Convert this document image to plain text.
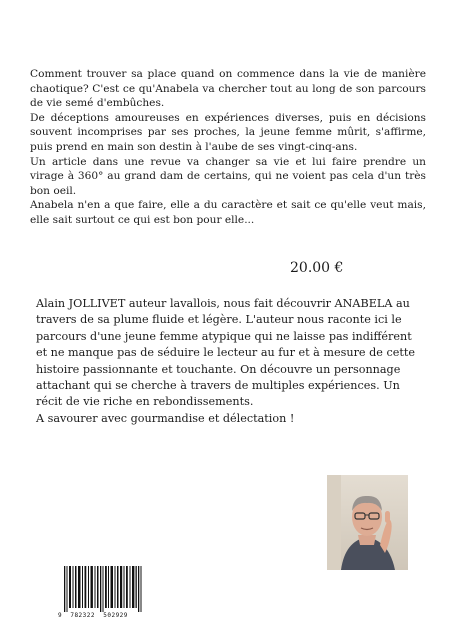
Comment trouver sa place quand on commence dans la vie de manière chaotique? C'est ce qu'Anabela va chercher tout au long de son parcours de vie semé d'embûches.

De déceptions amoureuses en expériences diverses, puis en décisions souvent incomprises par ses proches, la jeune femme mûrit, s'affirme, puis prend en main son destin à l'aube de ses vingt-cinq-ans.

Un article dans une revue va changer sa vie et lui faire prendre un virage à 360° au grand dam de certains, qui ne voient pas cela d'un très bon oeil.

Anabela n'en a que faire, elle a du caractère et sait ce qu'elle veut mais, elle sait surtout ce qui est bon pour elle...

20.00 €

Alain JOLLIVET auteur lavallois, nous fait découvrir ANABELA au travers de sa plume fluide et légère. L'auteur nous raconte ici le parcours d'une jeune femme atypique qui ne laisse pas indifférent et ne manque pas de séduire le lecteur au fur et à mesure de cette histoire passionnante et touchante. On découvre un personnage attachant qui se cherche à travers de multiples expériences. Un récit de vie riche en rebondissements.

A savourer avec gourmandise et délectation !

9  782322  502929
